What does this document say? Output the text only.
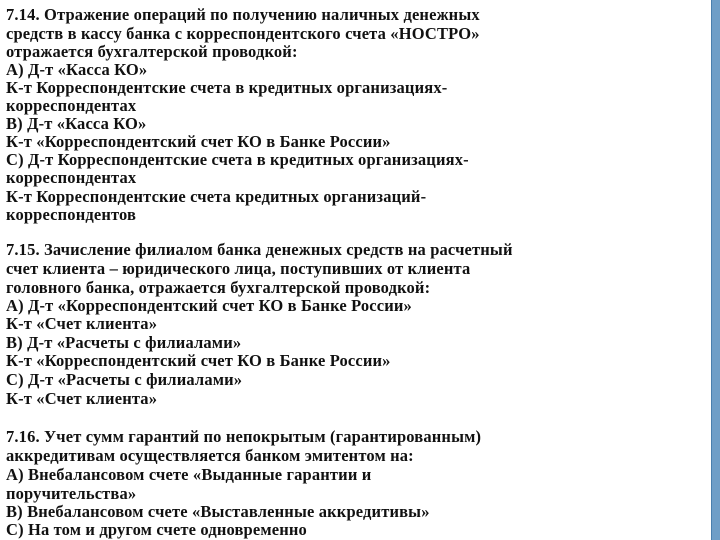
7.14. Отражение операций по получению наличных денежных
средств в кассу банка с корреспондентского счета «НОСТРО»
отражается бухгалтерской проводкой:
А) Д-т «Касса КО»
К-т Корреспондентские счета в кредитных организациях-
корреспондентах
В) Д-т «Касса КО»
К-т «Корреспондентский счет КО в Банке России»
С) Д-т Корреспондентские счета в кредитных организациях-
корреспондентах
К-т Корреспондентские счета кредитных организаций-
корреспондентов
7.15. Зачисление филиалом банка денежных средств на расчетный
счет клиента – юридического лица, поступивших от клиента
головного банка, отражается бухгалтерской проводкой:
А) Д-т «Корреспондентский счет КО в Банке России»
К-т «Счет клиента»
В) Д-т «Расчеты с филиалами»
К-т «Корреспондентский счет КО в Банке России»
С) Д-т «Расчеты с филиалами»
К-т «Счет клиента»
7.16. Учет сумм гарантий по непокрытым (гарантированным)
аккредитивам осуществляется банком эмитентом на:
А) Внебалансовом счете «Выданные гарантии и
поручительства»
В) Внебалансовом счете «Выставленные аккредитивы»
С) На том и другом счете одновременно
